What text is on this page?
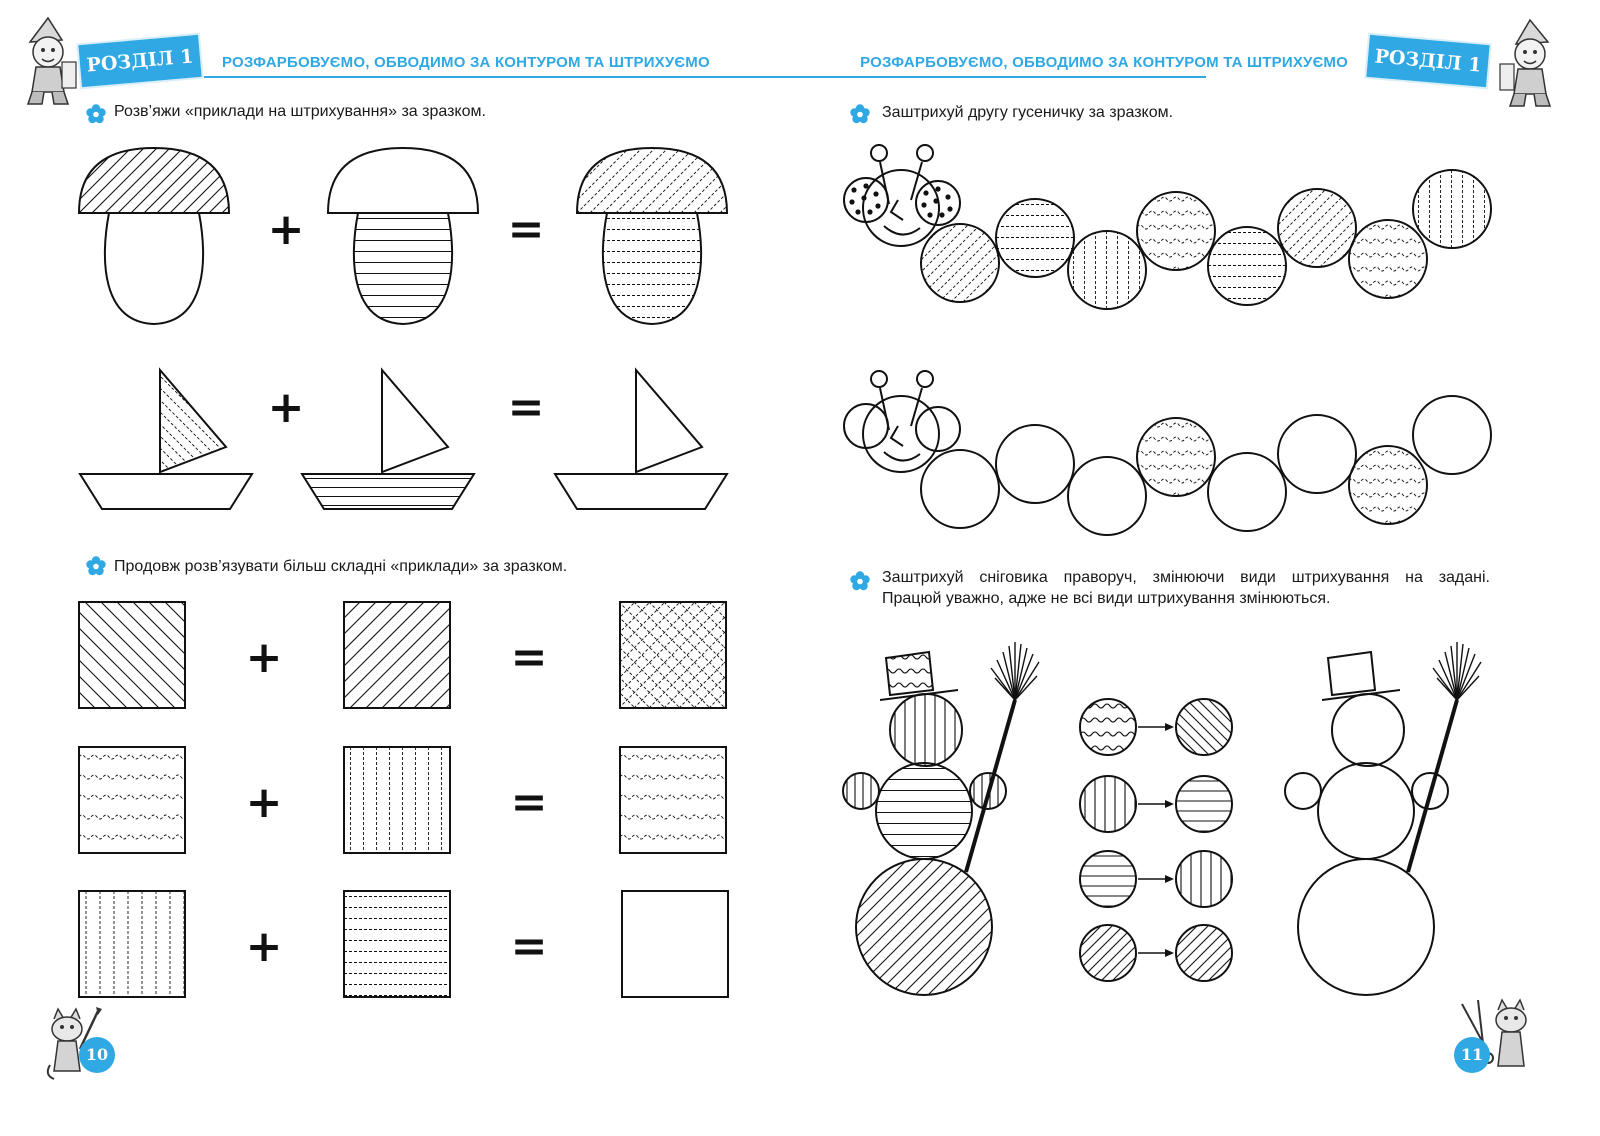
РОЗДІЛ 1	РОЗФАРБОВУЄМО, ОБВОДИМО ЗА КОНТУРОМ ТА ШТРИХУЄМО
Розв’яжи «приклади на штрихування» за зразком.
Продовж розв’язувати більш складні «приклади» за зразком.
10
РОЗФАРБОВУЄМО, ОБВОДИМО ЗА КОНТУРОМ ТА ШТРИХУЄМО
Заштрихуй другу гусеничку за зразком.
Заштрихуй сніговика праворуч, змінюючи види штрихування на задані.
Працюй уважно, адже не всі види штрихування змінюються.
11
РОЗДІЛ 1
+	=
+	=
+	=
+	=
+	=
